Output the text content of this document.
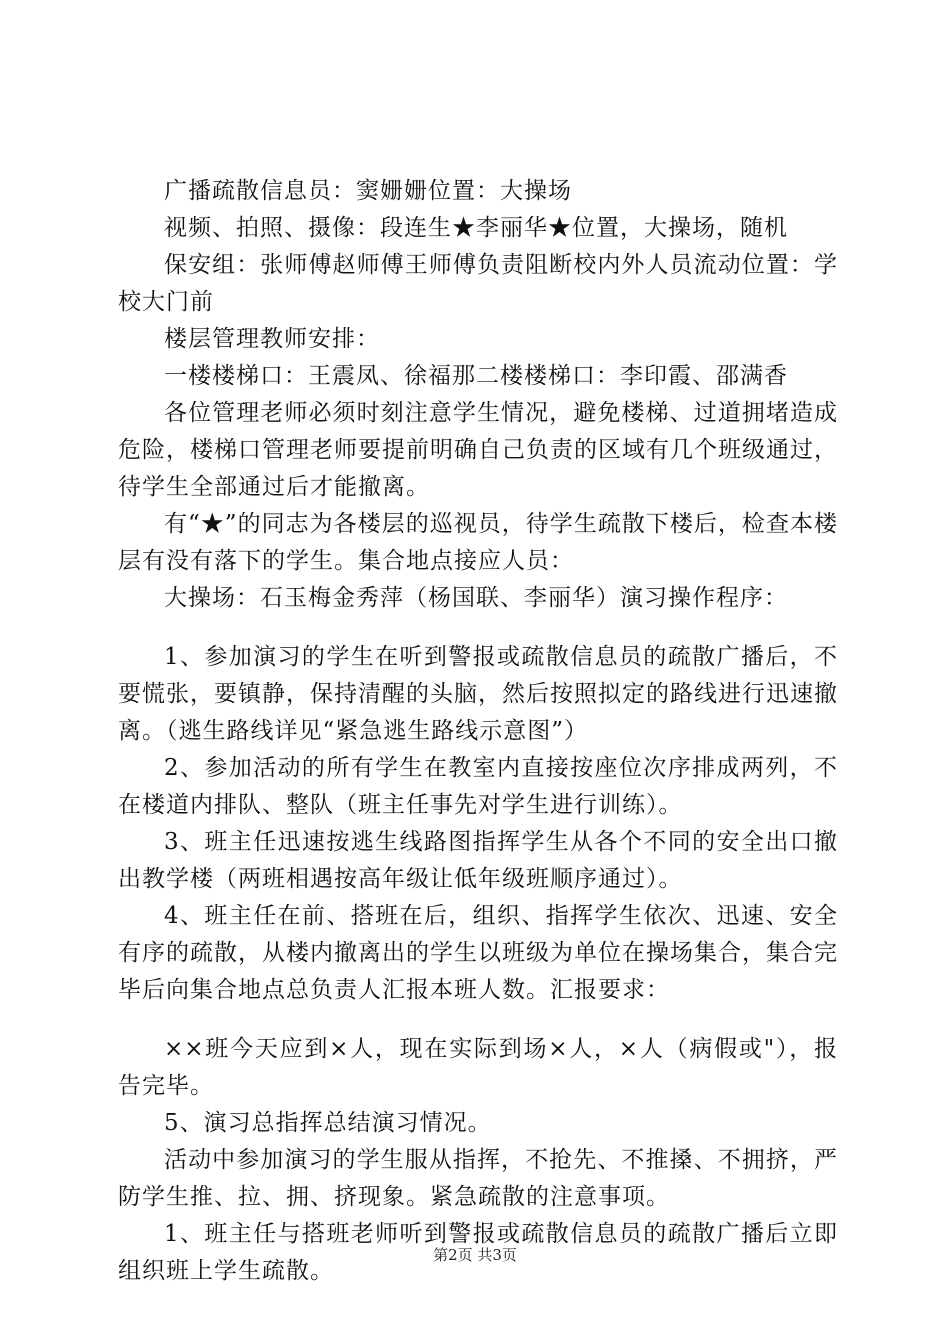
广播疏散信息员：窦姗姗位置：大操场

视频、拍照、摄像：段连生★李丽华★位置，大操场，随机

保安组：张师傅赵师傅王师傅负责阻断校内外人员流动位置：学校大门前

楼层管理教师安排：

一楼楼梯口：王震凤、徐福那二楼楼梯口：李印霞、邵满香

各位管理老师必须时刻注意学生情况，避免楼梯、过道拥堵造成危险，楼梯口管理老师要提前明确自己负责的区域有几个班级通过，待学生全部通过后才能撤离。

有“★”的同志为各楼层的巡视员，待学生疏散下楼后，检查本楼层有没有落下的学生。集合地点接应人员：

大操场：石玉梅金秀萍（杨国联、李丽华）演习操作程序：

1、参加演习的学生在听到警报或疏散信息员的疏散广播后，不要慌张，要镇静，保持清醒的头脑，然后按照拟定的路线进行迅速撤离。（逃生路线详见“紧急逃生路线示意图”）

2、参加活动的所有学生在教室内直接按座位次序排成两列，不在楼道内排队、整队（班主任事先对学生进行训练）。

3、班主任迅速按逃生线路图指挥学生从各个不同的安全出口撤出教学楼（两班相遇按高年级让低年级班顺序通过）。

4、班主任在前、搭班在后，组织、指挥学生依次、迅速、安全有序的疏散，从楼内撤离出的学生以班级为单位在操场集合，集合完毕后向集合地点总负责人汇报本班人数。汇报要求：

××班今天应到×人，现在实际到场×人，×人（病假或"），报告完毕。

5、演习总指挥总结演习情况。

活动中参加演习的学生服从指挥，不抢先、不推搡、不拥挤，严防学生推、拉、拥、挤现象。紧急疏散的注意事项。

1、班主任与搭班老师听到警报或疏散信息员的疏散广播后立即组织班上学生疏散。

第2页 共3页
